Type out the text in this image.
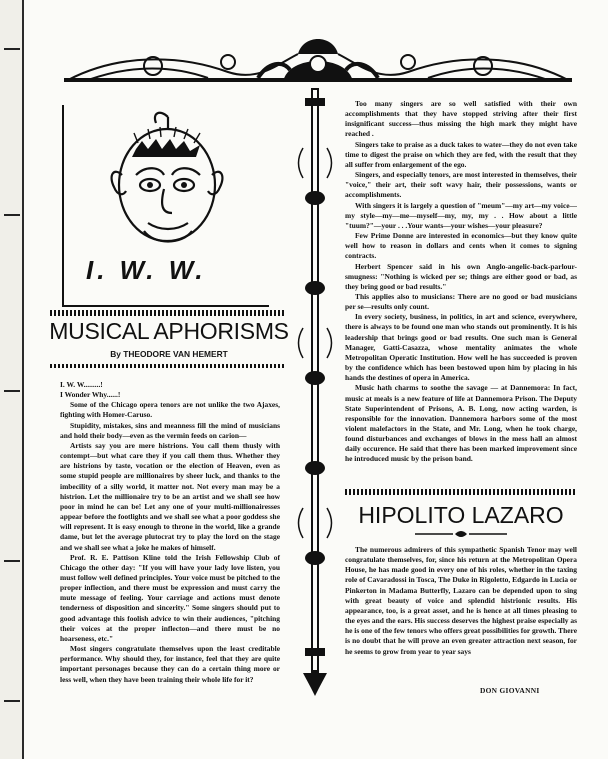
I. W. W.
MUSICAL APHORISMS
By THEODORE VAN HEMERT

I. W. W.........!

I Wonder Why......!

Some of the Chicago opera tenors are not unlike the two Ajaxes, fighting with Homer-Caruso.

Stupidity, mistakes, sins and meanness fill the mind of musicians and hold their body—even as the vermin feeds on carion—

Artists say you are mere histrions. You call them thusly with contempt—but what care they if you call them thus. Whether they are histrions by taste, vocation or the election of Heaven, even as some stupid people are millionaires by sheer luck, and thanks to the imbecility of a silly world, it matter not. Not every man may be a histrion. Let the millionaire try to be an artist and we shall see how poor in mind he can be! Let any one of your multi-millionairesses appear before the footlights and we shall see what a poor goddess she will represent. It is easy enough to throne in the world, like a grande dame, but let the average plutocrat try to play the lord on the stage and we shall see what a joke he makes of himself.

Prof. R. E. Pattison Kline told the Irish Fellowship Club of Chicago the other day: "If you will have your lady love listen, you must follow well defined principles. Your voice must be pitched to the proper inflection, and there must be expression and must carry the mute message of feeling. Your carriage and actions must denote tenderness of disposition and sincerity." Some singers should put to good advantage this foolish advice to win their audiences, "pitching their voices at the proper inflecton—and there must be no hoarseness, etc."

Most singers congratulate themselves upon the least creditable performance. Why should they, for instance, feel that they are quite important personages because they can do a certain thing more or less well, when they have been training their whole life for it?

Too many singers are so well satisfied with their own accomplishments that they have stopped striving after their first insignificant success—thus missing the high mark they might have reached .

Singers take to praise as a duck takes to water—they do not even take time to digest the praise on which they are fed, with the result that they all suffer from enlargement of the ego.

Singers, and especially tenors, are most interested in themselves, their "voice," their art, their soft wavy hair, their possessions, wants or accomplishments.

With singers it is largely a question of "meum"—my art—my voice—my style—my—me—myself—my, my, my . . How about a little "tuum?"—your . . .Your wants—your wishes—your pleasure?

Few Prime Donne are interested in economics—but they know quite well how to reason in dollars and cents when it comes to signing contracts.

Herbert Spencer said in his own Anglo-angelic-back-parlour-smugness: "Nothing is wicked per se; things are either good or bad, as they bring good or bad results."

This applies also to musicians: There are no good or bad musicians per se—results only count.

In every society, business, in politics, in art and science, everywhere, there is always to be found one man who stands out prominently. It is his leadership that brings good or bad results. One such man is General Manager, Gatti-Casazza, whose mentality animates the whole Metropolitan Operatic Institution. How well he has succeeded is proven by the confidence which has been bestowed upon him by placing in his hands the destines of opera in America.

Music hath charms to soothe the savage — at Dannemora: In fact, music at meals is a new feature of life at Dannemora Prison. The Deputy State Superintendent of Prisons, A. B. Long, now acting warden, is responsible for the innovation. Dannemora harbors some of the most violent malefactors in the State, and Mr. Long, when he took charge, found disturbances and exchanges of blows in the mess hall an almost daily occurence. He said that there has been marked improvement since he introduced music by the prison band.

HIPOLITO LAZARO

The numerous admirers of this sympathetic Spanish Tenor may well congratulate themselves, for, since his return at the Metropolitan Opera House, he has made good in every one of his roles, whether in the taxing role of Cavaradossi in Tosca, The Duke in Rigoletto, Edgardo in Lucia or Pinkerton in Madama Butterfly, Lazaro can be depended upon to sing with great beauty of voice and splendid histrionic results. His appearance, too, is a great asset, and he is hence at all times pleasing to the eyes and the ears. His success deserves the highest praise especially as he is one of the few tenors who offers great possibilities for growth. There is no doubt that he will prove an even greater attraction next season, for he seems to grow from year to year says

DON GIOVANNI
